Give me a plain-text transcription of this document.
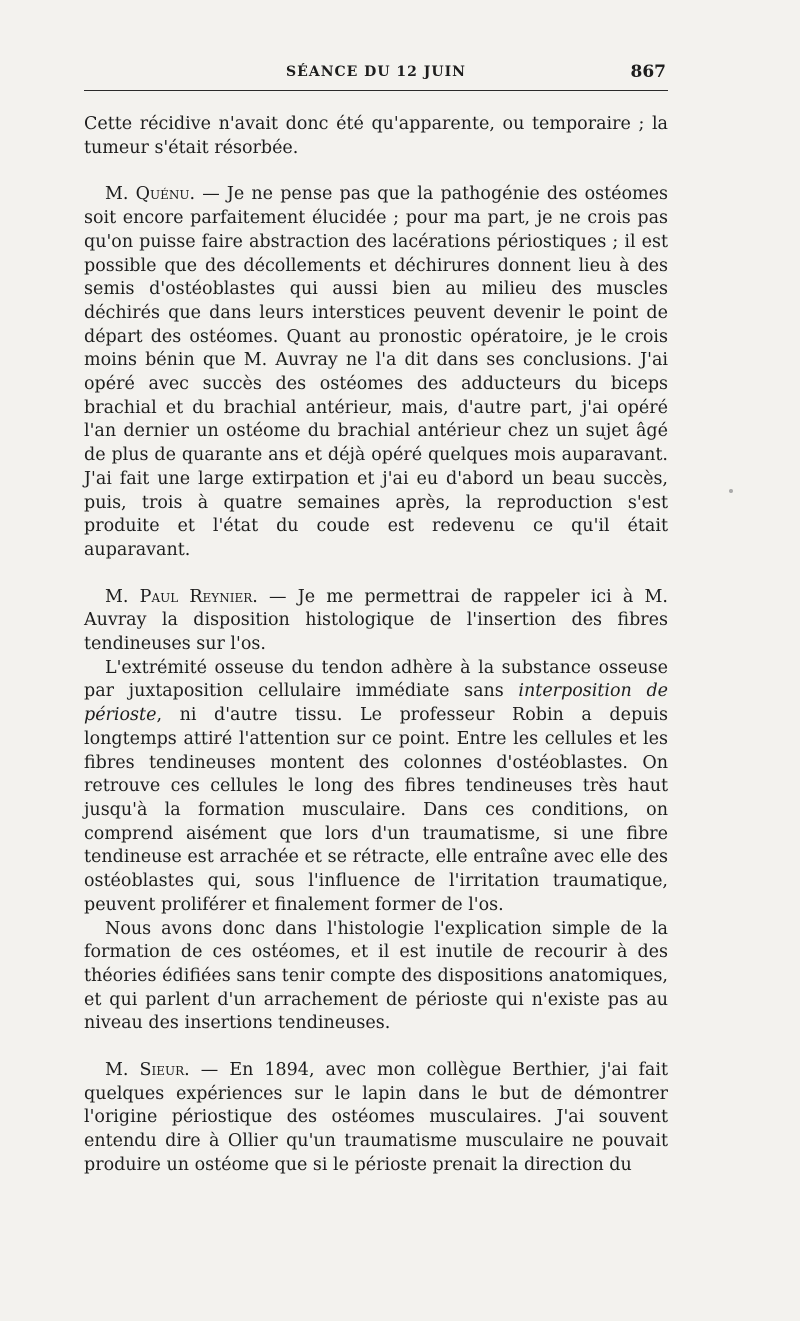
SÉANCE DU 12 JUIN	867

Cette récidive n'avait donc été qu'apparente, ou temporaire ; la tumeur s'était résorbée.

M. Quénu. — Je ne pense pas que la pathogénie des ostéomes soit encore parfaitement élucidée ; pour ma part, je ne crois pas qu'on puisse faire abstraction des lacérations périostiques ; il est possible que des décollements et déchirures donnent lieu à des semis d'ostéoblastes qui aussi bien au milieu des muscles déchirés que dans leurs interstices peuvent devenir le point de départ des ostéomes. Quant au pronostic opératoire, je le crois moins bénin que M. Auvray ne l'a dit dans ses conclusions. J'ai opéré avec succès des ostéomes des adducteurs du biceps brachial et du brachial antérieur, mais, d'autre part, j'ai opéré l'an dernier un ostéome du brachial antérieur chez un sujet âgé de plus de quarante ans et déjà opéré quelques mois auparavant. J'ai fait une large extirpation et j'ai eu d'abord un beau succès, puis, trois à quatre semaines après, la reproduction s'est produite et l'état du coude est redevenu ce qu'il était auparavant.

M. Paul Reynier. — Je me permettrai de rappeler ici à M. Auvray la disposition histologique de l'insertion des fibres tendineuses sur l'os.

L'extrémité osseuse du tendon adhère à la substance osseuse par juxtaposition cellulaire immédiate sans interposition de périoste, ni d'autre tissu. Le professeur Robin a depuis longtemps attiré l'attention sur ce point. Entre les cellules et les fibres tendineuses montent des colonnes d'ostéoblastes. On retrouve ces cellules le long des fibres tendineuses très haut jusqu'à la formation musculaire. Dans ces conditions, on comprend aisément que lors d'un traumatisme, si une fibre tendineuse est arrachée et se rétracte, elle entraîne avec elle des ostéoblastes qui, sous l'influence de l'irritation traumatique, peuvent proliférer et finalement former de l'os.

Nous avons donc dans l'histologie l'explication simple de la formation de ces ostéomes, et il est inutile de recourir à des théories édifiées sans tenir compte des dispositions anatomiques, et qui parlent d'un arrachement de périoste qui n'existe pas au niveau des insertions tendineuses.

M. Sieur. — En 1894, avec mon collègue Berthier, j'ai fait quelques expériences sur le lapin dans le but de démontrer l'origine périostique des ostéomes musculaires. J'ai souvent entendu dire à Ollier qu'un traumatisme musculaire ne pouvait produire un ostéome que si le périoste prenait la direction du
